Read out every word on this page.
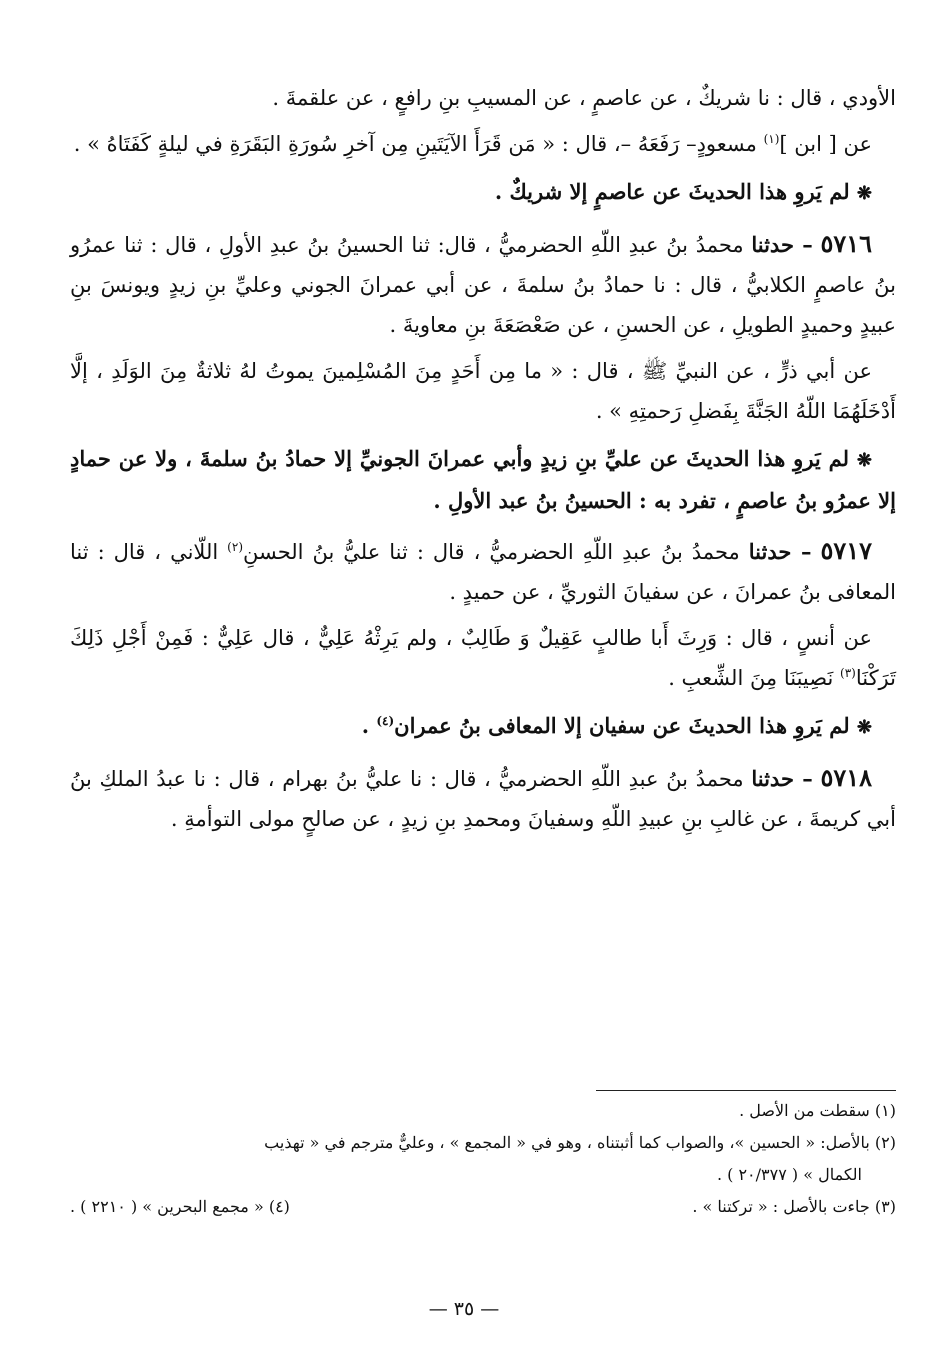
الأودي ، قال : نا شريكٌ ، عن عاصمٍ ، عن المسيبِ بنِ رافعٍ ، عن علقمةَ .

عن [ ابن ]$^{(١)}$ مسعودٍ– رَفَعَهُ –، قال : « مَن قَرَأَ الآيَتَينِ مِن آخرِ سُورَةِ البَقَرَةِ في ليلةٍ كَفَتَاهُ » .

❋ لم يَروِ هذا الحديثَ عن عاصمٍ إلا شريكٌ .

٥٧١٦ – حدثنا محمدُ بنُ عبدِ اللّهِ الحضرميُّ ، قال: ثنا الحسينُ بنُ عبدِ الأولِ ، قال : ثنا عمرُو بنُ عاصمٍ الكلابيُّ ، قال : نا حمادُ بنُ سلمةَ ، عن أبي عمرانَ الجوني وعليِّ بنِ زيدٍ ويونسَ بنِ عبيدٍ وحميدٍ الطويلِ ، عن الحسنِ ، عن صَعْصَعَةَ بنِ معاويةَ .

عن أبي ذرٍّ ، عن النبيِّ ﷺ ، قال : « ما مِن أَحَدٍ مِنَ المُسْلِمينَ يموتُ لهُ ثلاثةٌ مِنَ الوَلَدِ ، إلَّا أَدْخَلَهُمَا اللّهُ الجَنَّةَ بِفَضلِ رَحمتِهِ » .

❋ لم يَروِ هذا الحديثَ عن عليِّ بنِ زيدٍ وأبي عمرانَ الجونيِّ إلا حمادُ بنُ سلمةَ ، ولا عن حمادٍ إلا عمرُو بنُ عاصمٍ ، تفرد به : الحسينُ بنُ عبد الأولِ .

٥٧١٧ – حدثنا محمدُ بنُ عبدِ اللّهِ الحضرميُّ ، قال : ثنا عليُّ بنُ الحسنِ$^{(٢)}$ اللّاني ، قال : ثنا المعافى بنُ عمرانَ ، عن سفيانَ الثوريِّ ، عن حميدٍ .

عن أنسٍ ، قال : وَرِثَ أَبا طالبٍ عَقِيلٌ وَ طَالِبٌ ، ولم يَرِثْهُ عَلِيٌّ ، قال عَلِيٌّ : فَمِنْ أَجْلِ ذَلِكَ تَرَكْنَا$^{(٣)}$ نَصِيبَنَا مِنَ الشِّعبِ .

❋ لم يَروِ هذا الحديثَ عن سفيان إلا المعافى بنُ عمران$^{(٤)}$ .

٥٧١٨ – حدثنا محمدُ بنُ عبدِ اللّهِ الحضرميُّ ، قال : نا عليُّ بنُ بهرام ، قال : نا عبدُ الملكِ بنُ أبي كريمةَ ، عن غالبِ بنِ عبيدِ اللّهِ وسفيانَ ومحمدِ بنِ زيدٍ ، عن صالحٍ مولى التوأمةِ .

(١) سقطت من الأصل .

(٢) بالأصل: « الحسين »، والصواب كما أثبتناه ، وهو في « المجمع » ، وعليٌّ مترجم في « تهذيب

الكمال » ( ٢٠/٣٧٧ ) .

(٣) جاءت بالأصل : « تركتنا » .
(٤) « مجمع البحرين » ( ٢٢١٠ ) .
— ٣٥ —
